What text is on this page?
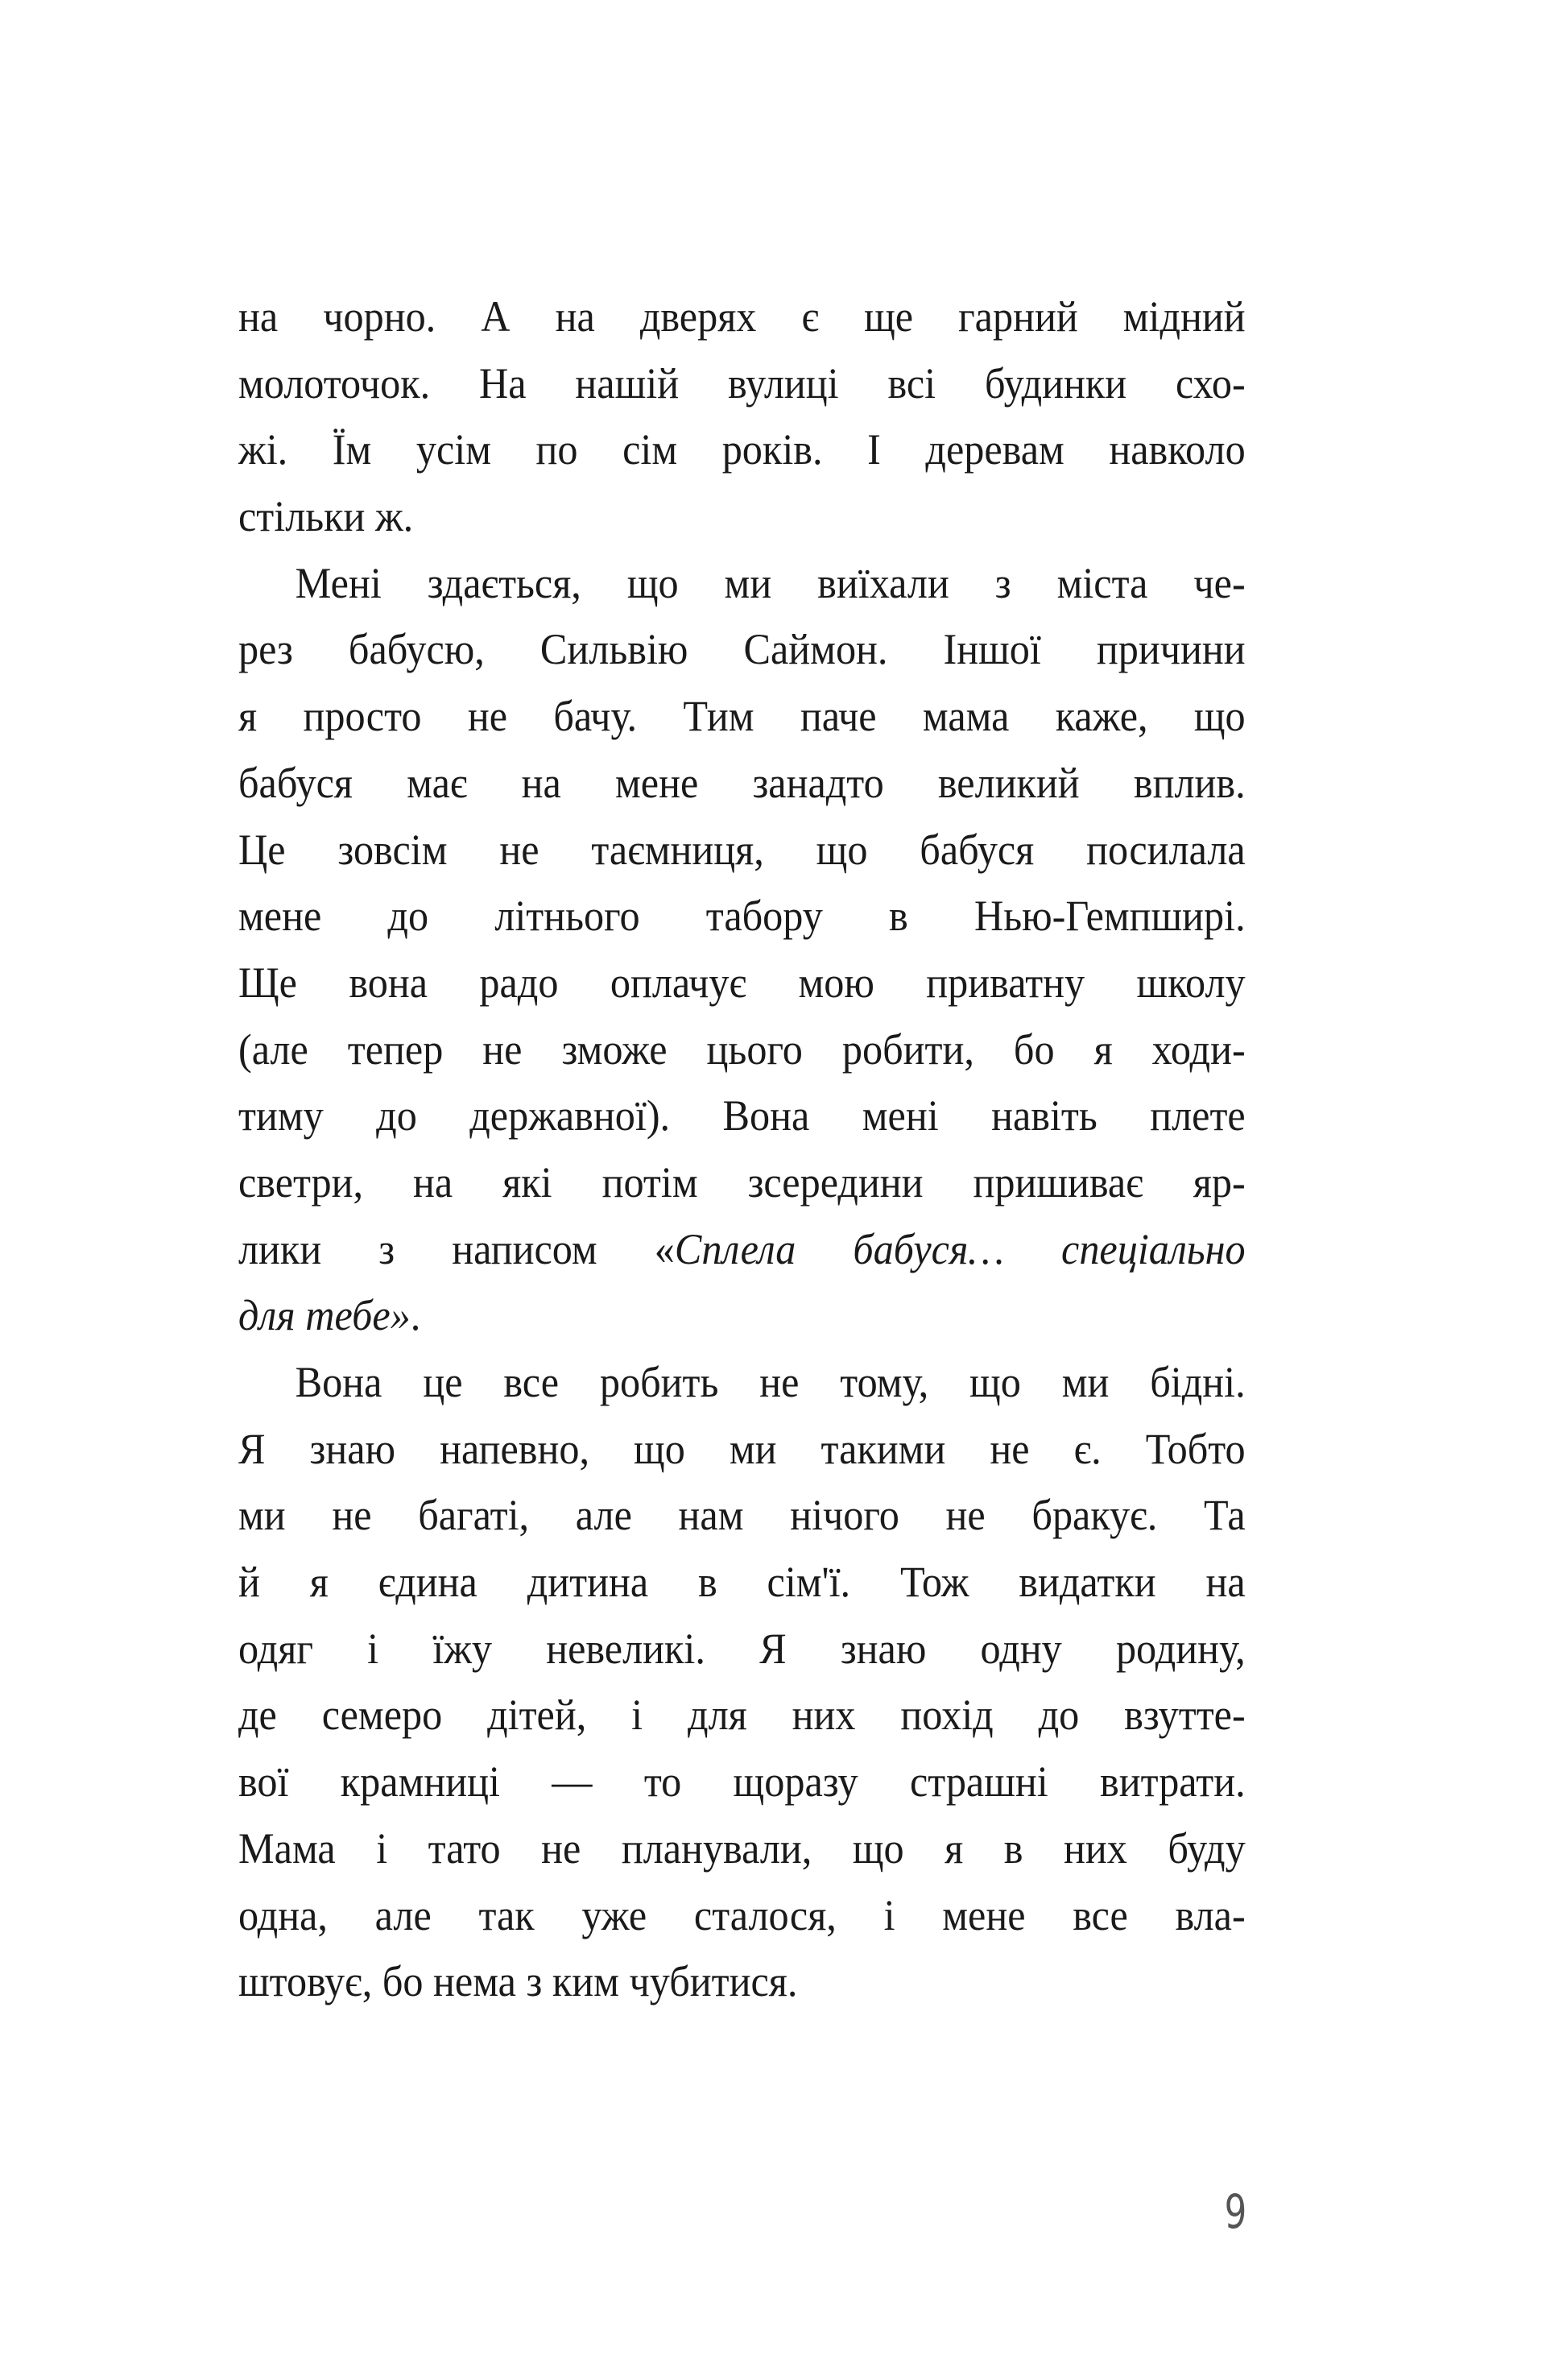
на чорно. А на дверях є ще гарний мідний
молоточок. На нашій вулиці всі будинки схо-
жі. Їм усім по сім років. І деревам навколо
стільки ж.
Мені здається, що ми виїхали з міста че-
рез бабусю, Сильвію Саймон. Іншої причини
я просто не бачу. Тим паче мама каже, що
бабуся має на мене занадто великий вплив.
Це зовсім не таємниця, що бабуся посилала
мене до літнього табору в Нью-Гемпширі.
Ще вона радо оплачує мою приватну школу
(але тепер не зможе цього робити, бо я ходи-
тиму до державної). Вона мені навіть плете
светри, на які потім зсередини пришиває яр-
лики з написом «Сплела бабуся… спеціально
для тебе».
Вона це все робить не тому, що ми бідні.
Я знаю напевно, що ми такими не є. Тобто
ми не багаті, але нам нічого не бракує. Та
й я єдина дитина в сім'ї. Тож видатки на
одяг і їжу невеликі. Я знаю одну родину,
де семеро дітей, і для них похід до взутте-
вої крамниці — то щоразу страшні витрати.
Мама і тато не планували, що я в них буду
одна, але так уже сталося, і мене все вла-
штовує, бо нема з ким чубитися.
9
